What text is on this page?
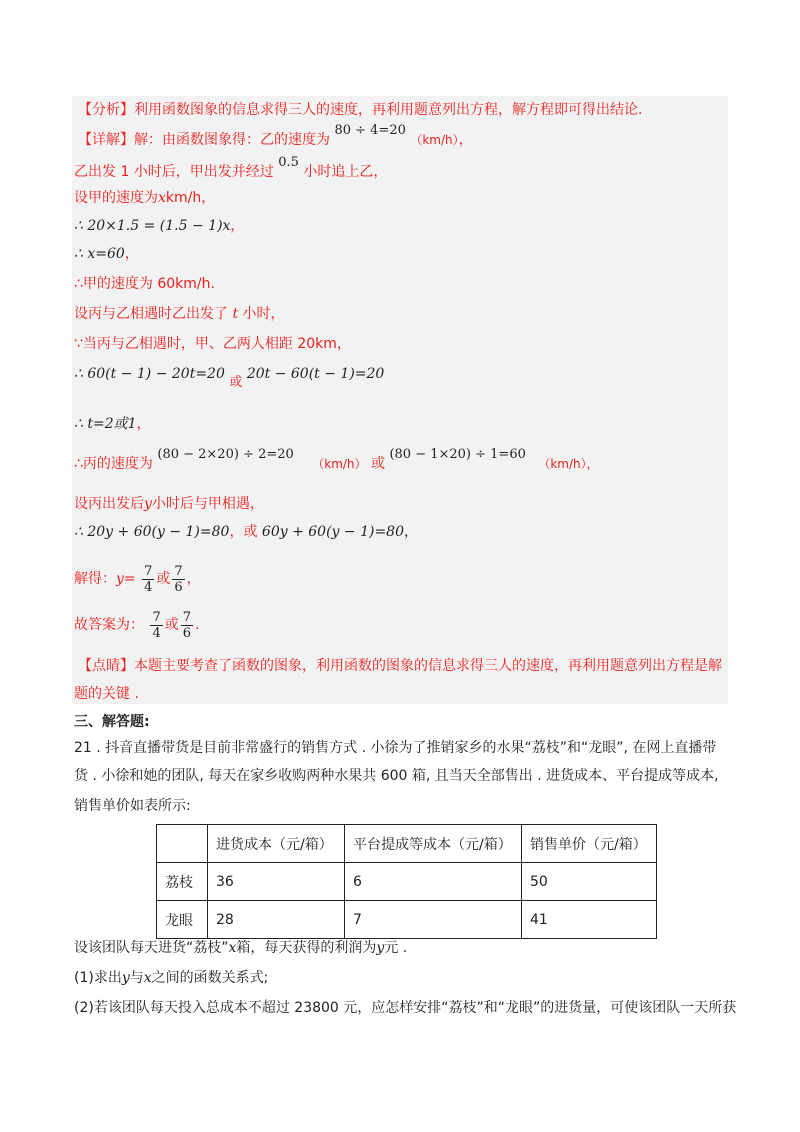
【分析】利用函数图象的信息求得三人的速度，再利用题意列出方程，解方程即可得出结论.
【详解】解：由函数图象得：乙的速度为 80 ÷ 4=20 （km/h），
乙出发 1 小时后，甲出发并经过 0.5 小时追上乙，
设甲的速度为xkm/h，
∴ 20×1.5 = (1.5 − 1)x，
∴ x=60，
∴甲的速度为 60km/h.
设丙与乙相遇时乙出发了 t 小时，
∵当丙与乙相遇时，甲、乙两人相距 20km，
∴ 60(t − 1) − 20t=20 或 20t − 60(t − 1)=20
∴ t=2或1，
∴丙的速度为 (80 − 2×20) ÷ 2=20 （km/h） 或 (80 − 1×20) ÷ 1=60 （km/h），
设丙出发后y小时后与甲相遇，
∴ 20y + 60(y − 1)=80，或 60y + 60(y − 1)=80，
解得：$y= \frac{7}{4}$ 或 $\frac{7}{6}$ ，
故答案为： $\frac{7}{4}$ 或 $\frac{7}{6}$ .
【点睛】本题主要考查了函数的图象，利用函数的图象的信息求得三人的速度，再利用题意列出方程是解
题的关键 .
三、解答题:
21 . 抖音直播带货是目前非常盛行的销售方式 . 小徐为了推销家乡的水果“荔枝”和“龙眼”, 在网上直播带
货 . 小徐和她的团队, 每天在家乡收购两种水果共 600 箱, 且当天全部售出 . 进货成本、平台提成等成本,
销售单价如表所示:
	进货成本（元/箱）	平台提成等成本（元/箱）	销售单价（元/箱）
荔枝	36	6	50
龙眼	28	7	41
设该团队每天进货“荔枝”x箱，每天获得的利润为y元 .
(1)求出y与x之间的函数关系式;
(2)若该团队每天投入总成本不超过 23800 元，应怎样安排“荔枝”和“龙眼”的进货量，可使该团队一天所获
